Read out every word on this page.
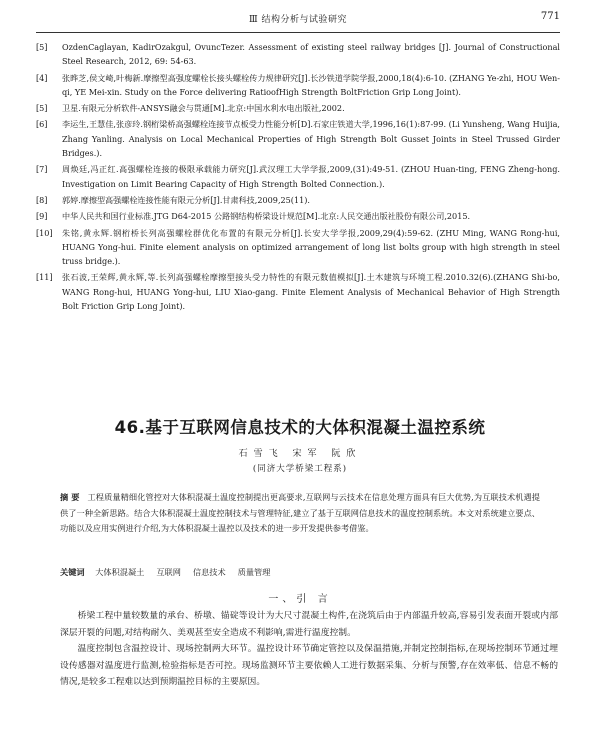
Ⅲ 结构分析与试验研究	771
[5]	OzdenCaglayan, KadirOzakgul, OvuncTezer. Assessment of existing steel railway bridges [J]. Journal of Constructional Steel Research, 2012, 69: 54-63.
[4]	张晔芝,侯文崎,叶梅新.摩擦型高强度螺栓长接头螺栓传力规律研究[J].长沙铁道学院学报,2000,18(4):6-10. (ZHANG Ye-zhi, HOU Wen-qi, YE Mei-xin. Study on the Force delivering RatioofHigh Strength BoltFriction Grip Long Joint).
[5]	卫星.有限元分析软件-ANSYS融会与贯通[M].北京:中国水利水电出版社,2002.
[6]	李运生,王慧佳,张彦玲.钢桁梁桥高强螺栓连接节点板受力性能分析[D].石家庄铁道大学,1996,16(1):87-99. (Li Yunsheng, Wang Huijia, Zhang Yanling. Analysis on Local Mechanical Properties of High Strength Bolt Gusset Joints in Steel Trussed Girder Bridges.).
[7]	周焕廷,冯正红.高强螺栓连接的极限承载能力研究[J].武汉理工大学学报,2009,(31):49-51. (ZHOU Huan-ting, FENG Zheng-hong. Investigation on Limit Bearing Capacity of High Strength Bolted Connection.).
[8]	郭婷.摩擦型高强螺栓连接性能有限元分析[J].甘肃科技,2009,25(11).
[9]	中华人民共和国行业标准.JTG D64-2015 公路钢结构桥梁设计规范[M].北京:人民交通出版社股份有限公司,2015.
[10]	朱铭,黄永辉.钢桁桥长列高强螺栓群优化布置的有限元分析[J].长安大学学报,2009,29(4):59-62. (ZHU Ming, WANG Rong-hui, HUANG Yong-hui. Finite element analysis on optimized arrangement of long list bolts group with high strength in steel truss bridge.).
[11]	张石波,王荣辉,黄永辉,等.长列高强螺栓摩擦型接头受力特性的有限元数值模拟[J].土木建筑与环境工程.2010.32(6).(ZHANG Shi-bo, WANG Rong-hui, HUANG Yong-hui, LIU Xiao-gang. Finite Element Analysis of Mechanical Behavior of High Strength Bolt Friction Grip Long Joint).
46.基于互联网信息技术的大体积混凝土温控系统
石雪飞 宋军 阮欣
(同济大学桥梁工程系)
摘 要 工程质量精细化管控对大体积混凝土温度控制提出更高要求,互联网与云技术在信息处理方面具有巨大优势,为互联技术机遇提供了一种全新思路。结合大体积混凝土温度控制技术与管理特征,建立了基于互联网信息技术的温度控制系统。本文对系统建立要点、功能以及应用实例进行介绍,为大体积混凝土温控以及技术的进一步开发提供参考借鉴。
关键词 大体积混凝土 互联网 信息技术 质量管理
一、引 言

桥梁工程中量较数量的承台、桥墩、锚碇等设计为大尺寸混凝土构件,在浇筑后由于内部温升较高,容易引发表面开裂或内部深层开裂的问题,对结构耐久、美观甚至安全造成不利影响,需进行温度控制。

温度控制包含温控设计、现场控制两大环节。温控设计环节确定管控以及保温措施,并制定控制指标,在现场控制环节通过埋设传感器对温度进行监测,检验指标是否可控。现场监测环节主要依赖人工进行数据采集、分析与预警,存在效率低、信息不畅的情况,是较多工程难以达到预期温控目标的主要原因。
